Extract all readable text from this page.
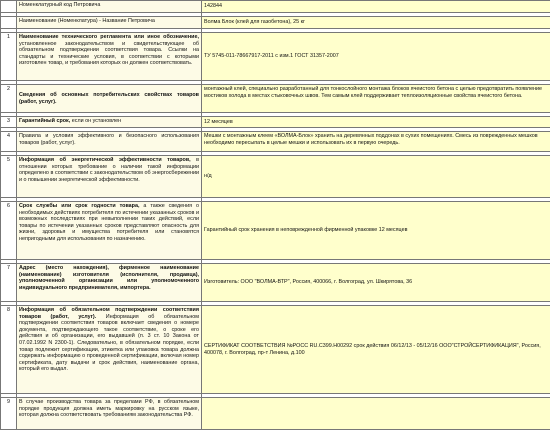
	Номенклатурный код Петровича	142844

	Наименование (Номенклатура) - Название Петровича	Волма Блок (клей для газобетона), 25 кг

1	Наименование технического регламента или иное обозначение, установленное законодательством и свидетельствующее об обязательном подтверждении соответствия товара. Ссылки на стандарты и технические условия, в соответствии с которыми изготовлен товар, и требования которых он должен соответствовать.	ТУ 5745-011-78667917-2011 с изм.1 ГОСТ 31357-2007

2	Сведения об основных потребительских свойствах товаров (работ, услуг).	монтажный клей, специально разработанный для тонкослойного монтажа блоков ячеистого бетона с целью предотвратить появление мостиков холода в местах стыковочных швов. Тем самым клей поддерживает теплоизоляционные свойства ячеистого бетона.

3	Гарантийный срок, если он установлен	12 месяцев

4	Правила и условия эффективного и безопасного использования товаров (работ, услуг).	Мешки с монтажным клеем «ВОЛМА-Блок» хранить на деревянных поддонах в сухих помещениях. Смесь из поврежденных мешков необходимо пересыпать в целые мешки и использовать их в первую очередь.

5	Информация об энергетической эффективности товаров, в отношении которых требование о наличии такой информации определено в соответствии с законодательством об энергосбережении и о повышении энергетической эффективности.	н/д

6	Срок службы или срок годности товара, а также сведения о необходимых действиях потребителя по истечении указанных сроков и возможных последствиях при невыполнении таких действий, если товары по истечении указанных сроков представляют опасность для жизни, здоровья и имущества потребителя или становятся непригодными для использования по назначению.	Гарантийный срок хранения в неповрежденной фирменной упаковке 12 месяцев

7	Адрес (место нахождения), фирменное наименование (наименование) изготовителя (исполнителя, продавца), уполномоченной организации или уполномоченного индивидуального предпринимателя, импортера.	Изготовитель: ООО "ВОЛМА-ВТР", Россия, 400066, г. Волгоград, ул. Шкирятова, 36

8	Информация об обязательном подтверждении соответствия товаров (работ, услуг). Информация об обязательном подтверждении соответствия товаров включает сведения о номере документа, подтверждающего такое соответствие, о сроке его действия и об организации, его выдавшей (п. 3 ст. 10 Закона от 07.02.1992 N 2300-1). Следовательно, в обязательном порядке, если товар подлежит сертификации, этикетка или упаковка товара должна содержать информацию о проведенной сертификации, включая номер сертификата, дату выдачи и срок действия, наименование органа, который его выдал.	СЕРТИФИКАТ СООТВЕТСТВИЯ №РОСС RU.C399.H00292 срок действия 06/12/13 - 05/12/16 ООО"СТРОЙСЕРТИФИКАЦИЯ", Россия, 400078, г. Волгоград, пр-т Ленина, д.100

9	В случае производства товара за пределами РФ, в обязательном порядке продукция должна иметь маркировку на русском языке, которая должна соответствовать требованиям законодательства РФ.	
